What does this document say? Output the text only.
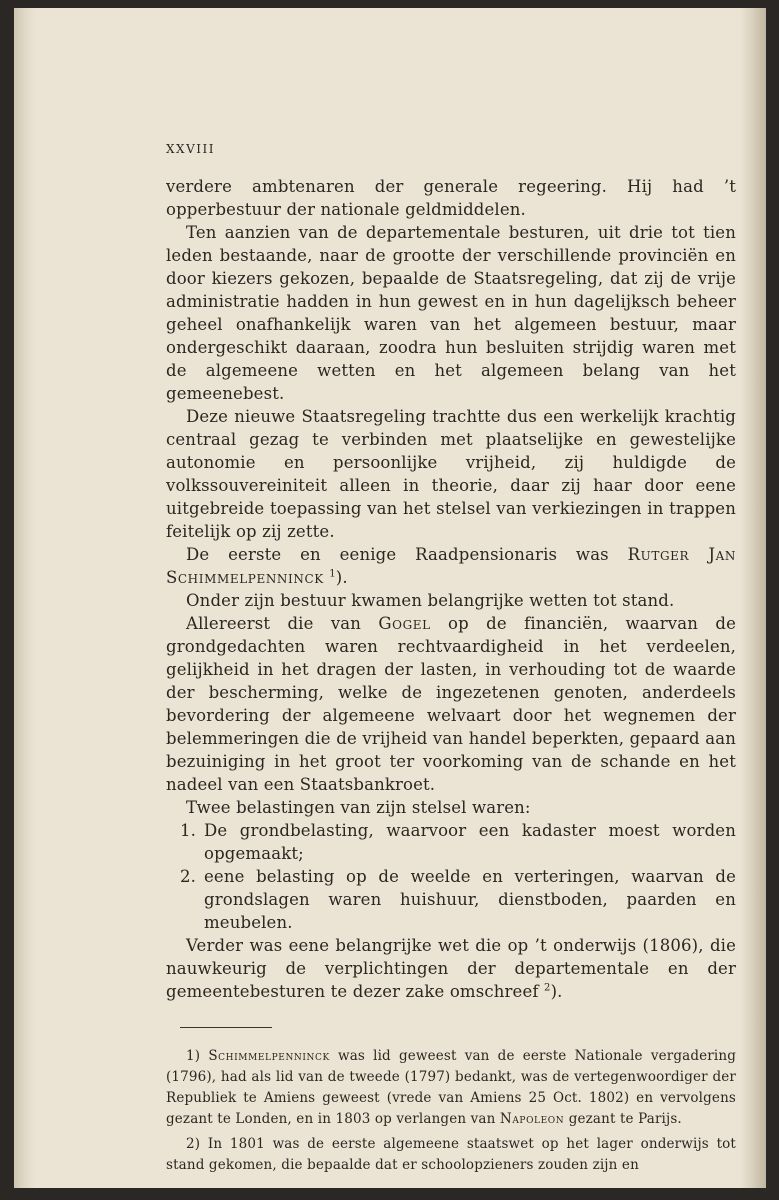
XXVIII

verdere ambtenaren der generale regeering. Hij had ’t opperbestuur der nationale geldmiddelen.

Ten aanzien van de departementale besturen, uit drie tot tien leden bestaande, naar de grootte der verschillende provinciën en door kiezers gekozen, bepaalde de Staatsregeling, dat zij de vrije administratie hadden in hun gewest en in hun dagelijksch beheer geheel onafhankelijk waren van het algemeen bestuur, maar ondergeschikt daaraan, zoodra hun besluiten strijdig waren met de algemeene wetten en het algemeen belang van het gemeenebest.

Deze nieuwe Staatsregeling trachtte dus een werkelijk krachtig centraal gezag te verbinden met plaatselijke en gewestelijke autonomie en persoonlijke vrijheid, zij huldigde de volkssouvereiniteit alleen in theorie, daar zij haar door eene uitgebreide toepassing van het stelsel van verkiezingen in trappen feitelijk op zij zette.

De eerste en eenige Raadpensionaris was Rutger Jan Schimmelpenninck $^1$).

Onder zijn bestuur kwamen belangrijke wetten tot stand.

Allereerst die van Gogel op de financiën, waarvan de grondgedachten waren rechtvaardigheid in het verdeelen, gelijkheid in het dragen der lasten, in verhouding tot de waarde der bescherming, welke de ingezetenen genoten, anderdeels bevordering der algemeene welvaart door het wegnemen der belemmeringen die de vrijheid van handel beperkten, gepaard aan bezuiniging in het groot ter voorkoming van de schande en het nadeel van een Staatsbankroet.

Twee belastingen van zijn stelsel waren:

1. De grondbelasting, waarvoor een kadaster moest worden opgemaakt;
2. eene belasting op de weelde en verteringen, waarvan de grondslagen waren huishuur, dienstboden, paarden en meubelen.

Verder was eene belangrijke wet die op ’t onderwijs (1806), die nauwkeurig de verplichtingen der departementale en der gemeentebesturen te dezer zake omschreef $^2$).

1) Schimmelpenninck was lid geweest van de eerste Nationale vergadering (1796), had als lid van de tweede (1797) bedankt, was de vertegenwoordiger der Republiek te Amiens geweest (vrede van Amiens 25 Oct. 1802) en vervolgens gezant te Londen, en in 1803 op verlangen van Napoleon gezant te Parijs.

2) In 1801 was de eerste algemeene staatswet op het lager onderwijs tot stand gekomen, die bepaalde dat er schoolopzieners zouden zijn en
